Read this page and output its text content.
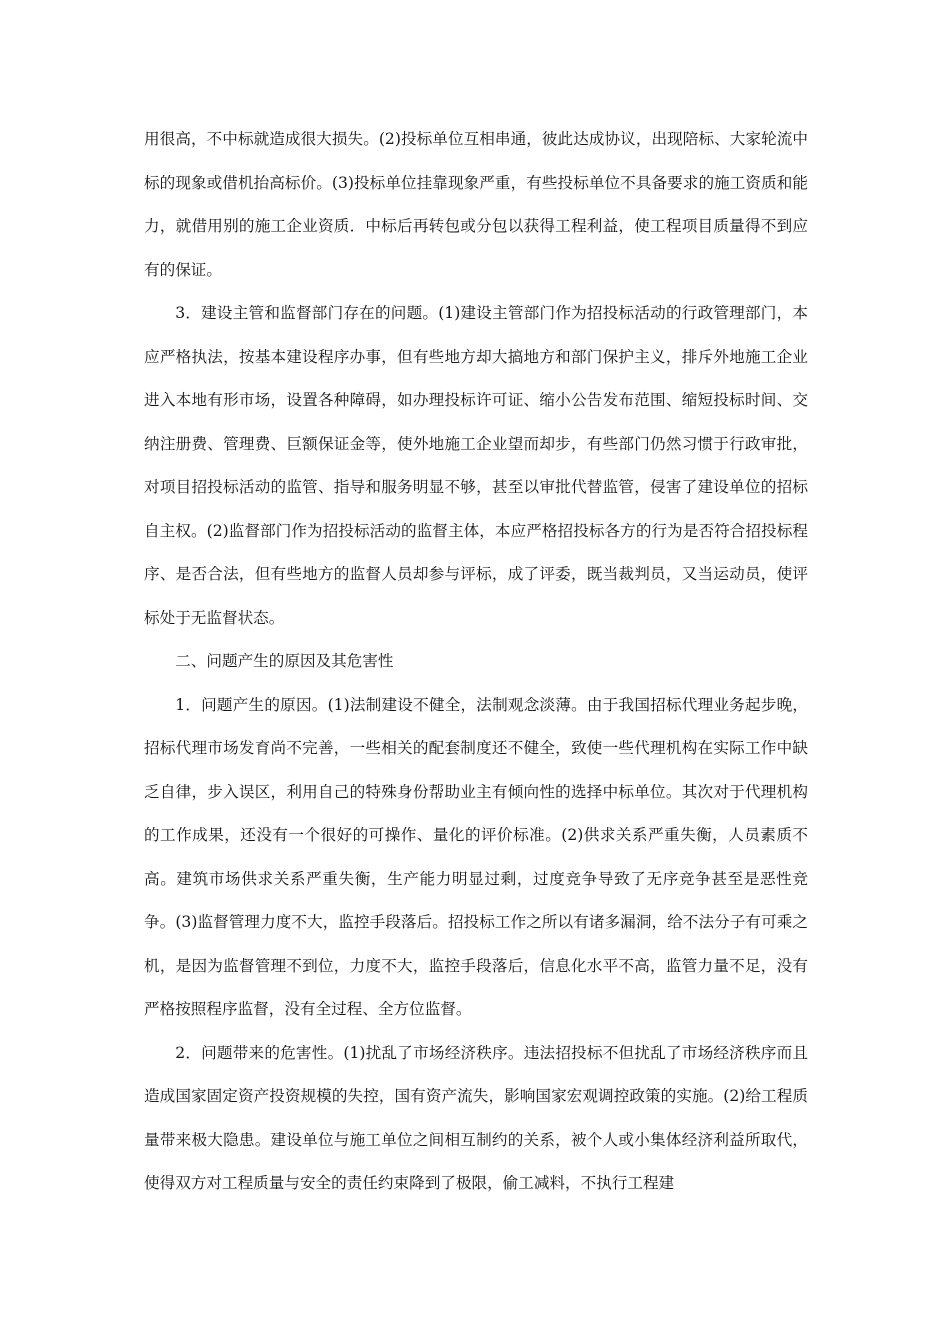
用很高，不中标就造成很大损失。(2)投标单位互相串通，彼此达成协议，出现陪标、大家轮流中标的现象或借机抬高标价。(3)投标单位挂靠现象严重，有些投标单位不具备要求的施工资质和能力，就借用别的施工企业资质．中标后再转包或分包以获得工程利益，使工程项目质量得不到应有的保证。

3．建设主管和监督部门存在的问题。(1)建设主管部门作为招投标活动的行政管理部门，本应严格执法，按基本建设程序办事，但有些地方却大搞地方和部门保护主义，排斥外地施工企业进入本地有形市场，设置各种障碍，如办理投标许可证、缩小公告发布范围、缩短投标时间、交纳注册费、管理费、巨额保证金等，使外地施工企业望而却步，有些部门仍然习惯于行政审批，对项目招投标活动的监管、指导和服务明显不够，甚至以审批代替监管，侵害了建设单位的招标自主权。(2)监督部门作为招投标活动的监督主体，本应严格招投标各方的行为是否符合招投标程序、是否合法，但有些地方的监督人员却参与评标，成了评委，既当裁判员，又当运动员，使评标处于无监督状态。

二、问题产生的原因及其危害性

1．问题产生的原因。(1)法制建设不健全，法制观念淡薄。由于我国招标代理业务起步晚，招标代理市场发育尚不完善，一些相关的配套制度还不健全，致使一些代理机构在实际工作中缺乏自律，步入误区，利用自己的特殊身份帮助业主有倾向性的选择中标单位。其次对于代理机构的工作成果，还没有一个很好的可操作、量化的评价标准。(2)供求关系严重失衡，人员素质不高。建筑市场供求关系严重失衡，生产能力明显过剩，过度竞争导致了无序竞争甚至是恶性竞争。(3)监督管理力度不大，监控手段落后。招投标工作之所以有诸多漏洞，给不法分子有可乘之机，是因为监督管理不到位，力度不大，监控手段落后，信息化水平不高，监管力量不足，没有严格按照程序监督，没有全过程、全方位监督。

2．问题带来的危害性。(1)扰乱了市场经济秩序。违法招投标不但扰乱了市场经济秩序而且造成国家固定资产投资规模的失控，国有资产流失，影响国家宏观调控政策的实施。(2)给工程质量带来极大隐患。建设单位与施工单位之间相互制约的关系，被个人或小集体经济利益所取代，使得双方对工程质量与安全的责任约束降到了极限，偷工减料，不执行工程建
